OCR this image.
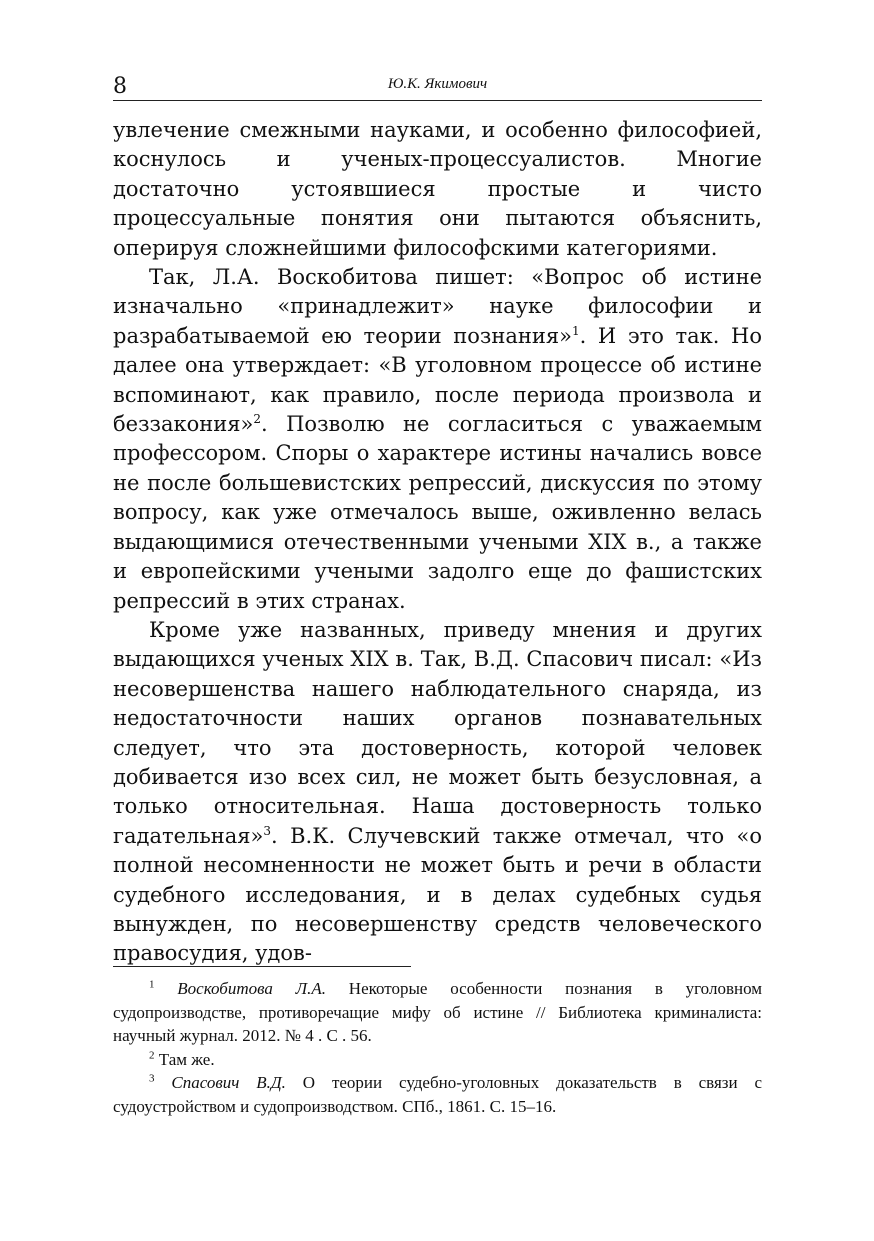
8	Ю.К. Якимович

увлечение смежными науками, и особенно философией, коснулось и ученых-процессуалистов. Многие достаточно устоявшиеся простые и чисто процессуальные понятия они пытаются объяснить, оперируя сложнейшими философскими категориями.

Так, Л.А. Воскобитова пишет: «Вопрос об истине изначально «принадлежит» науке философии и разрабатываемой ею теории познания»$^1$. И это так. Но далее она утверждает: «В уголовном процессе об истине вспоминают, как правило, после периода произвола и беззакония»$^2$. Позволю не согласиться с уважаемым профессором. Споры о характере истины начались вовсе не после большевистских репрессий, дискуссия по этому вопросу, как уже отмечалось выше, оживленно велась выдающимися отечественными учеными XIX в., а также и европейскими учеными задолго еще до фашистских репрессий в этих странах.

Кроме уже названных, приведу мнения и других выдающихся ученых XIX в. Так, В.Д. Спасович писал: «Из несовершенства нашего наблюдательного снаряда, из недостаточности наших органов познавательных следует, что эта достоверность, которой человек добивается изо всех сил, не может быть безусловная, а только относительная. Наша достоверность только гадательная»$^3$. В.К. Случевский также отмечал, что «о полной несомненности не может быть и речи в области судебного исследования, и в делах судебных судья вынужден, по несовершенству средств человеческого правосудия, удов-

$^1$ Воскобитова Л.А. Некоторые особенности познания в уголовном судопроизводстве, противоречащие мифу об истине // Библиотека криминалиста: научный журнал. 2012. № 4 . С . 56.

$^2$ Там же.

$^3$ Спасович В.Д. О теории судебно-уголовных доказательств в связи с судоустройством и судопроизводством. СПб., 1861. С. 15–16.
